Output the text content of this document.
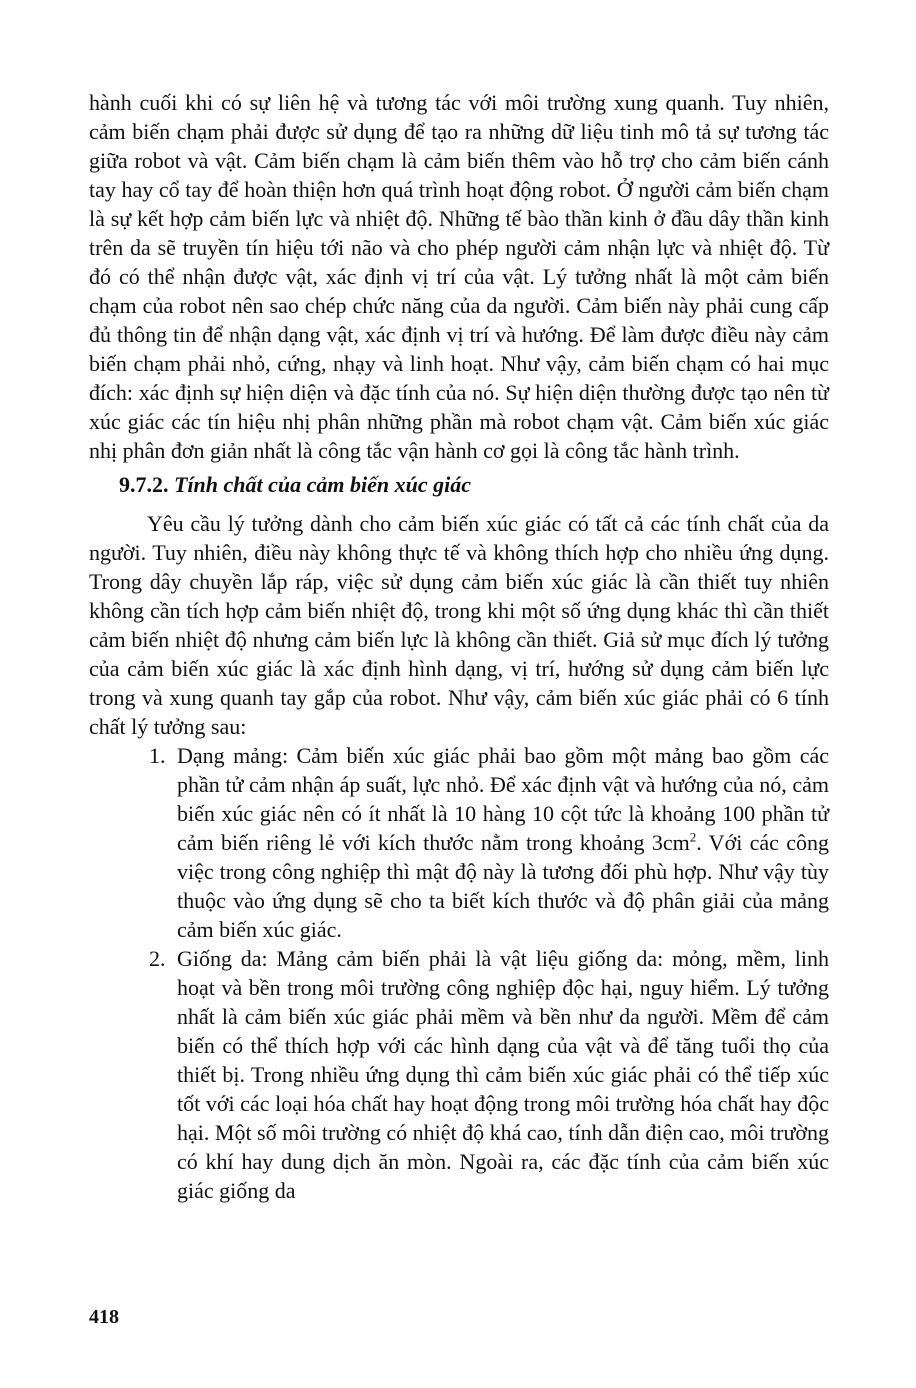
hành cuối khi có sự liên hệ và tương tác với môi trường xung quanh. Tuy nhiên, cảm biến chạm phải được sử dụng để tạo ra những dữ liệu tinh mô tả sự tương tác giữa robot và vật. Cảm biến chạm là cảm biến thêm vào hỗ trợ cho cảm biến cánh tay hay cổ tay để hoàn thiện hơn quá trình hoạt động robot. Ở người cảm biến chạm là sự kết hợp cảm biến lực và nhiệt độ. Những tế bào thần kinh ở đầu dây thần kinh trên da sẽ truyền tín hiệu tới não và cho phép người cảm nhận lực và nhiệt độ. Từ đó có thể nhận được vật, xác định vị trí của vật. Lý tưởng nhất là một cảm biến chạm của robot nên sao chép chức năng của da người. Cảm biến này phải cung cấp đủ thông tin để nhận dạng vật, xác định vị trí và hướng. Để làm được điều này cảm biến chạm phải nhỏ, cứng, nhạy và linh hoạt. Như vậy, cảm biến chạm có hai mục đích: xác định sự hiện diện và đặc tính của nó. Sự hiện diện thường được tạo nên từ xúc giác các tín hiệu nhị phân những phần mà robot chạm vật. Cảm biến xúc giác nhị phân đơn giản nhất là công tắc vận hành cơ gọi là công tắc hành trình.

9.7.2. Tính chất của cảm biến xúc giác

Yêu cầu lý tưởng dành cho cảm biến xúc giác có tất cả các tính chất của da người. Tuy nhiên, điều này không thực tế và không thích hợp cho nhiều ứng dụng. Trong dây chuyền lắp ráp, việc sử dụng cảm biến xúc giác là cần thiết tuy nhiên không cần tích hợp cảm biến nhiệt độ, trong khi một số ứng dụng khác thì cần thiết cảm biến nhiệt độ nhưng cảm biến lực là không cần thiết. Giả sử mục đích lý tưởng của cảm biến xúc giác là xác định hình dạng, vị trí, hướng sử dụng cảm biến lực trong và xung quanh tay gắp của robot. Như vậy, cảm biến xúc giác phải có 6 tính chất lý tưởng sau:

1. Dạng mảng: Cảm biến xúc giác phải bao gồm một mảng bao gồm các phần tử cảm nhận áp suất, lực nhỏ. Để xác định vật và hướng của nó, cảm biến xúc giác nên có ít nhất là 10 hàng 10 cột tức là khoảng 100 phần tử cảm biến riêng lẻ với kích thước nằm trong khoảng $3cm^2$. Với các công việc trong công nghiệp thì mật độ này là tương đối phù hợp. Như vậy tùy thuộc vào ứng dụng sẽ cho ta biết kích thước và độ phân giải của mảng cảm biến xúc giác.
2. Giống da: Mảng cảm biến phải là vật liệu giống da: mỏng, mềm, linh hoạt và bền trong môi trường công nghiệp độc hại, nguy hiểm. Lý tưởng nhất là cảm biến xúc giác phải mềm và bền như da người. Mềm để cảm biến có thể thích hợp với các hình dạng của vật và để tăng tuổi thọ của thiết bị. Trong nhiều ứng dụng thì cảm biến xúc giác phải có thể tiếp xúc tốt với các loại hóa chất hay hoạt động trong môi trường hóa chất hay độc hại. Một số môi trường có nhiệt độ khá cao, tính dẫn điện cao, môi trường có khí hay dung dịch ăn mòn. Ngoài ra, các đặc tính của cảm biến xúc giác giống da
418
